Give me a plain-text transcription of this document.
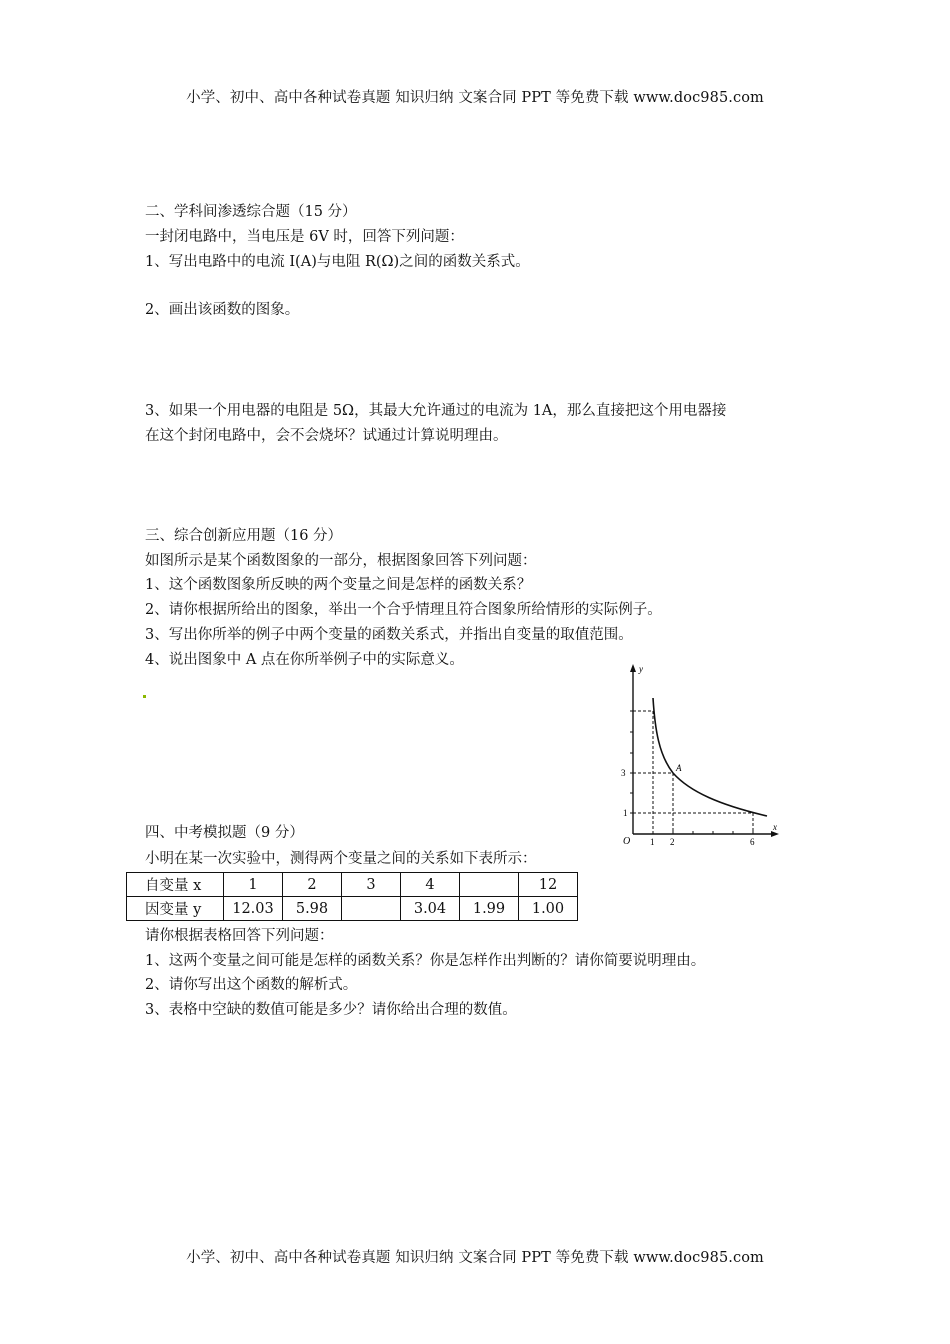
小学、初中、高中各种试卷真题 知识归纳 文案合同 PPT 等免费下载 www.doc985.com
二、学科间渗透综合题（15 分）
一封闭电路中，当电压是 6V 时，回答下列问题：
1、写出电路中的电流 I(A)与电阻 R(Ω)之间的函数关系式。
2、画出该函数的图象。
3、如果一个用电器的电阻是 5Ω，其最大允许通过的电流为 1A，那么直接把这个用电器接
在这个封闭电路中，会不会烧坏？试通过计算说明理由。
三、综合创新应用题（16 分）
如图所示是某个函数图象的一部分，根据图象回答下列问题：
1、这个函数图象所反映的两个变量之间是怎样的函数关系？
2、请你根据所给出的图象，举出一个合乎情理且符合图象所给情形的实际例子。
3、写出你所举的例子中两个变量的函数关系式，并指出自变量的取值范围。
4、说出图象中 A 点在你所举例子中的实际意义。
y
x
O
A
3
1
1 2	6
四、中考模拟题（9 分）
小明在某一次实验中，测得两个变量之间的关系如下表所示：
自变量 x	1	2	3	4		12
因变量 y	12.03	5.98		3.04	1.99	1.00
请你根据表格回答下列问题：
1、这两个变量之间可能是怎样的函数关系？你是怎样作出判断的？请你简要说明理由。
2、请你写出这个函数的解析式。
3、表格中空缺的数值可能是多少？请你给出合理的数值。
小学、初中、高中各种试卷真题 知识归纳 文案合同 PPT 等免费下载 www.doc985.com
